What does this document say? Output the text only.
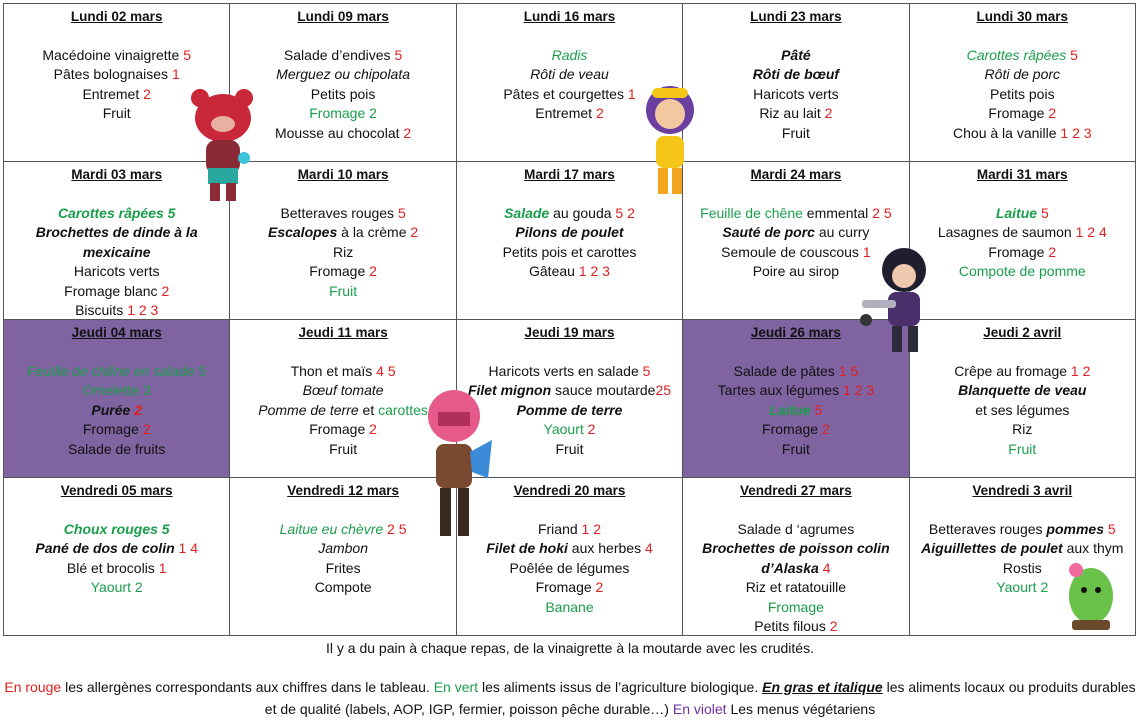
Lundi 02 mars
Macédoine vinaigrette 5
Pâtes bolognaises 1
Entremet 2
Fruit
Lundi 09 mars
Salade d’endives 5
Merguez ou chipolata
Petits pois
Fromage 2
Mousse au chocolat 2
Lundi 16 mars
Radis
Rôti de veau
Pâtes et courgettes 1
Entremet 2
Lundi 23 mars
Pâté
Rôti de bœuf
Haricots verts
Riz au lait 2
Fruit
Lundi 30 mars
Carottes râpées 5
Rôti de porc
Petits pois
Fromage 2
Chou à la vanille 1 2 3
Mardi 03 mars
Carottes râpées 5
Brochettes de dinde à la mexicaine
Haricots verts
Fromage blanc 2
Biscuits 1 2 3
Mardi 10 mars
Betteraves rouges 5
Escalopes à la crème 2
Riz
Fromage 2
Fruit
Mardi 17 mars
Salade au gouda 5 2
Pilons de poulet
Petits pois et carottes
Gâteau 1 2 3
Mardi 24 mars
Feuille de chêne emmental 2 5
Sauté de porc au curry
Semoule de couscous 1
Poire au sirop
Mardi 31 mars
Laitue 5
Lasagnes de saumon 1 2 4
Fromage 2
Compote de pomme
Jeudi 04 mars
Feuille de chêne en salade 5
Omelette 3
Purée 2
Fromage 2
Salade de fruits
Jeudi 11 mars
Thon et maïs 4 5
Bœuf tomate
Pomme de terre et carottes
Fromage 2
Fruit
Jeudi 19 mars
Haricots verts en salade 5
Filet mignon sauce moutarde25
Pomme de terre
Yaourt 2
Fruit
Jeudi 26 mars
Salade de pâtes 1 5
Tartes aux légumes 1 2 3
Laitue 5
Fromage 2
Fruit
Jeudi 2 avril
Crêpe au fromage 1 2
Blanquette de veau
et ses légumes
Riz
Fruit
Vendredi 05 mars
Choux rouges 5
Pané de dos de colin 1 4
Blé et brocolis 1
Yaourt 2
Vendredi 12 mars
Laitue eu chèvre 2 5
Jambon
Frites
Compote
Vendredi 20 mars
Friand 1 2
Filet de hoki aux herbes 4
Poêlée de légumes
Fromage 2
Banane
Vendredi 27 mars
Salade d ‘agrumes
Brochettes de poisson colin d’Alaska 4
Riz et ratatouille
Fromage
Petits filous 2
Vendredi 3 avril
Betteraves rouges pommes 5
Aiguillettes de poulet aux thym
Rostis
Yaourt 2
Il y a du pain à chaque repas, de la vinaigrette à la moutarde avec les crudités.
En rouge les allergènes correspondants aux chiffres dans le tableau. En vert les aliments issus de l’agriculture biologique. En gras et italique les aliments locaux ou produits durables et de qualité (labels, AOP, IGP, fermier, poisson pêche durable…) En violet Les menus végétariens
